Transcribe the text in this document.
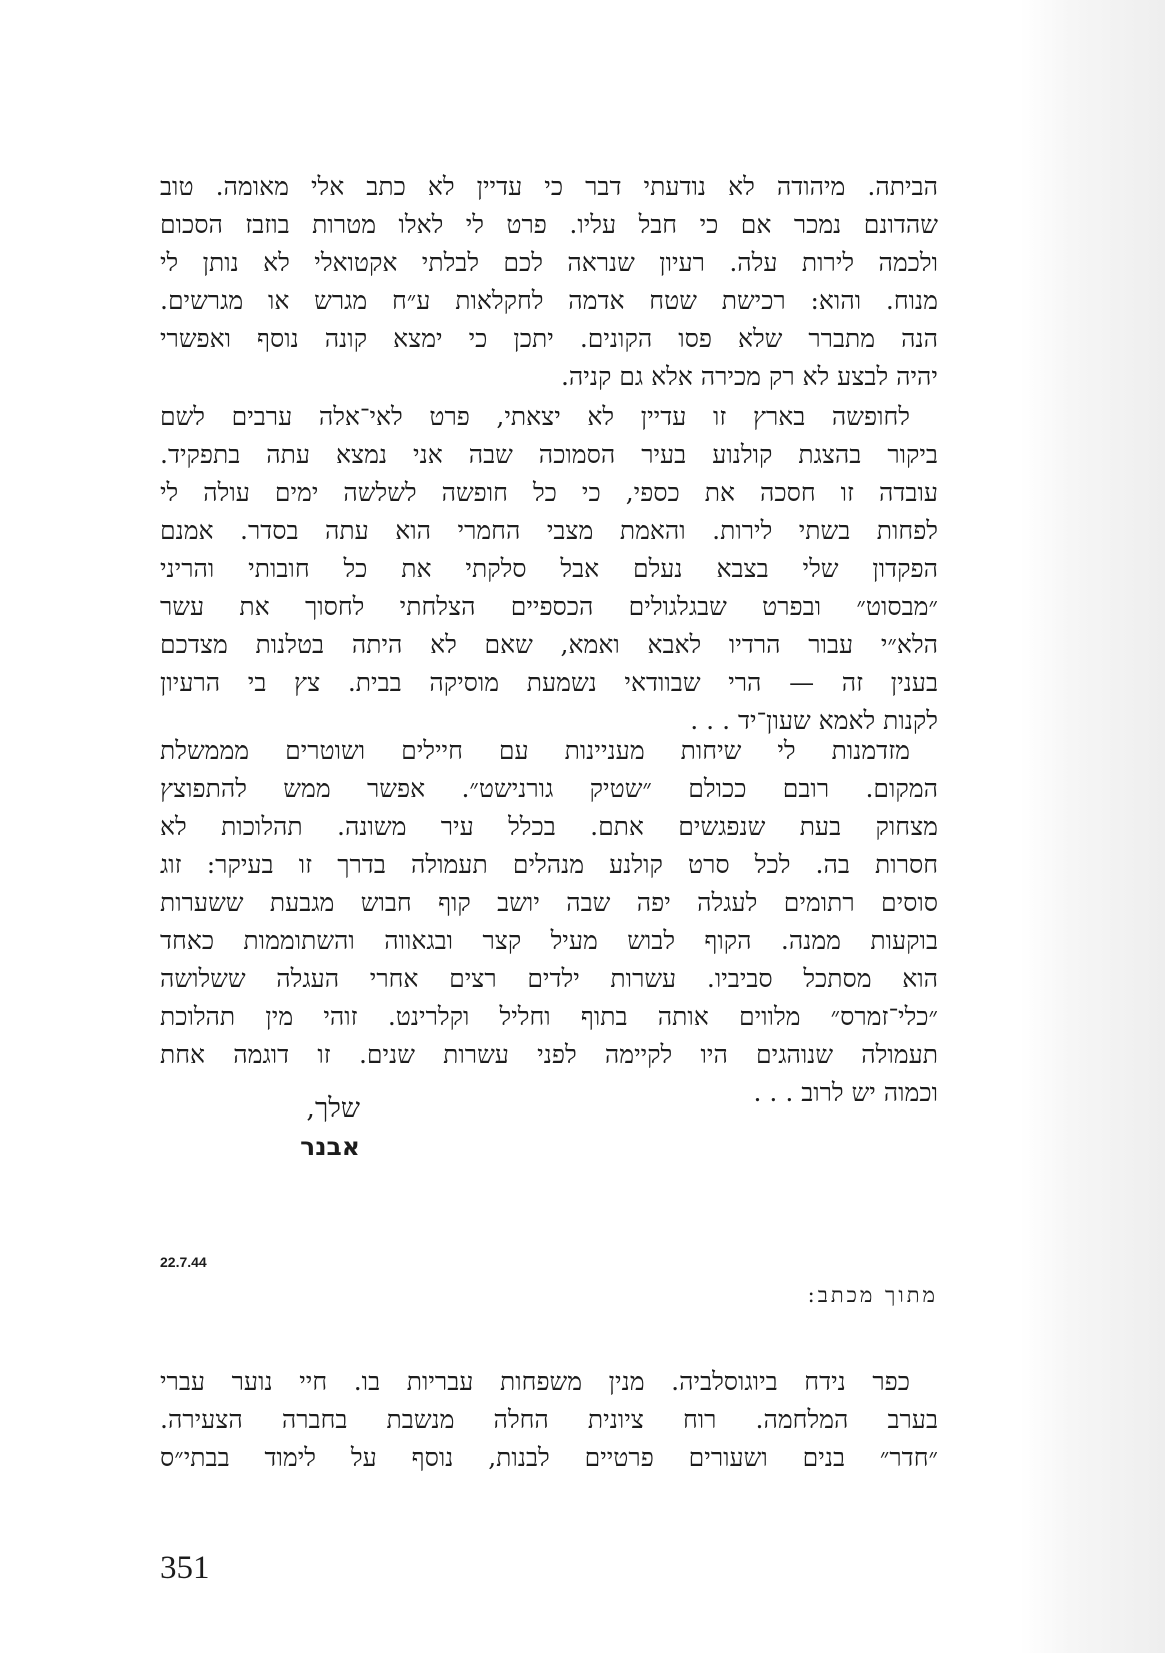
הביתה. מיהודה לא נודעתי דבר כי עדיין לא כתב אלי מאומה. טוב
שהדונם נמכר אם כי חבל עליו. פרט לי לאלו מטרות בוזבז הסכום
ולכמה לירות עלה. רעיון שנראה לכם לבלתי אקטואלי לא נותן לי
מנוח. והוא: רכישת שטח אדמה לחקלאות ע״ח מגרש או מגרשים.
הנה מתברר שלא פסו הקונים. יתכן כי ימצא קונה נוסף ואפשרי
יהיה לבצע לא רק מכירה אלא גם קניה.
לחופשה בארץ זו עדיין לא יצאתי, פרט לאי־אלה ערבים לשם
ביקור בהצגת קולנוע בעיר הסמוכה שבה אני נמצא עתה בתפקיד.
עובדה זו חסכה את כספי, כי כל חופשה לשלשה ימים עולה לי
לפחות בשתי לירות. והאמת מצבי החמרי הוא עתה בסדר. אמנם
הפקדון שלי בצבא נעלם אבל סלקתי את כל חובותי והריני
״מבסוט״ ובפרט שבגלגולים הכספיים הצלחתי לחסוך את עשר
הלא״י עבור הרדיו לאבא ואמא, שאם לא היתה בטלנות מצדכם
בענין זה — הרי שבוודאי נשמעת מוסיקה בבית. צץ בי הרעיון
לקנות לאמא שעון־יד . . .
מזדמנות לי שיחות מעניינות עם חיילים ושוטרים מממשלת
המקום. רובם ככולם ״שטיק גורנישט״. אפשר ממש להתפוצץ
מצחוק בעת שנפגשים אתם. בכלל עיר משונה. תהלוכות לא
חסרות בה. לכל סרט קולנע מנהלים תעמולה בדרך זו בעיקר: זוג
סוסים רתומים לעגלה יפה שבה יושב קוף חבוש מגבעת ששערות
בוקעות ממנה. הקוף לבוש מעיל קצר ובגאווה והשתוממות כאחד
הוא מסתכל סביביו. עשרות ילדים רצים אחרי העגלה ששלושה
״כלי־זמרס״ מלווים אותה בתוף וחליל וקלרינט. זוהי מין תהלוכת
תעמולה שנוהגים היו לקיימה לפני עשרות שנים. זו דוגמה אחת
וכמוה יש לרוב . . .
שלך,
אבנר
22.7.44
מתוך מכתב:
כפר נידח ביוגוסלביה. מנין משפחות עבריות בו. חיי נוער עברי
בערב המלחמה. רוח ציונית החלה מנשבת בחברה הצעירה.
״חדר״ בנים ושעורים פרטיים לבנות, נוסף על לימוד בבתי״ס
351
